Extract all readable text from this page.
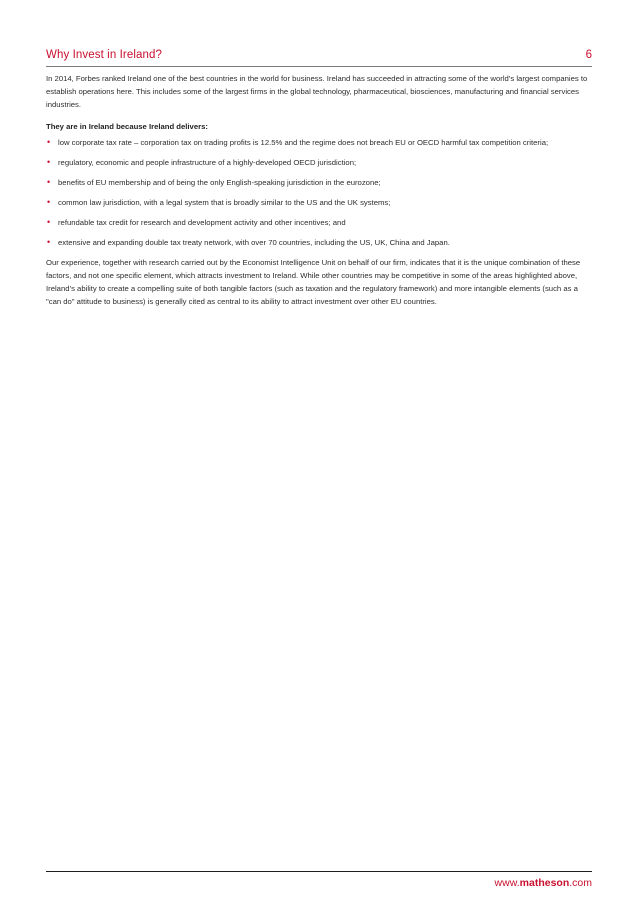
Why Invest in Ireland?	6

In 2014, Forbes ranked Ireland one of the best countries in the world for business. Ireland has succeeded in attracting some of the world’s largest companies to establish operations here. This includes some of the largest firms in the global technology, pharmaceutical, biosciences, manufacturing and financial services industries.

They are in Ireland because Ireland delivers:

• low corporate tax rate – corporation tax on trading profits is 12.5% and the regime does not breach EU or OECD harmful tax competition criteria;
• regulatory, economic and people infrastructure of a highly-developed OECD jurisdiction;
• benefits of EU membership and of being the only English-speaking jurisdiction in the eurozone;
• common law jurisdiction, with a legal system that is broadly similar to the US and the UK systems;
• refundable tax credit for research and development activity and other incentives; and
• extensive and expanding double tax treaty network, with over 70 countries, including the US, UK, China and Japan.

Our experience, together with research carried out by the Economist Intelligence Unit on behalf of our firm, indicates that it is the unique combination of these factors, and not one specific element, which attracts investment to Ireland. While other countries may be competitive in some of the areas highlighted above, Ireland’s ability to create a compelling suite of both tangible factors (such as taxation and the regulatory framework) and more intangible elements (such as a "can do" attitude to business) is generally cited as central to its ability to attract investment over other EU countries.

www.matheson.com
